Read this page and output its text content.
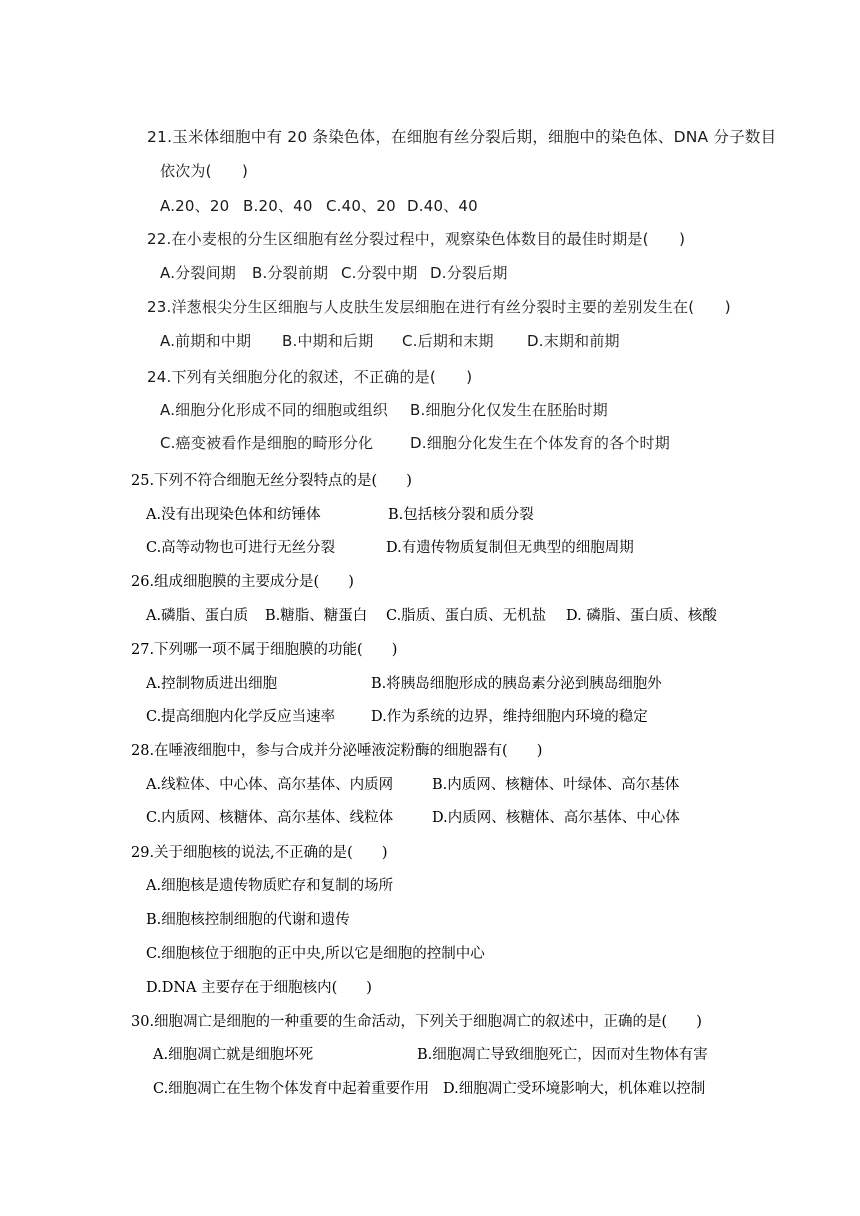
21.玉米体细胞中有 20 条染色体，在细胞有丝分裂后期，细胞中的染色体、DNA 分子数目
依次为(　　)
A.20、20 B.20、40 C.40、20 D.40、40
22.在小麦根的分生区细胞有丝分裂过程中，观察染色体数目的最佳时期是(　　)
A.分裂间期 B.分裂前期 C.分裂中期 D.分裂后期
23.洋葱根尖分生区细胞与人皮肤生发层细胞在进行有丝分裂时主要的差别发生在(　　)
A.前期和中期 B.中期和后期 C.后期和末期 D.末期和前期
24.下列有关细胞分化的叙述，不正确的是(　　)
A.细胞分化形成不同的细胞或组织 B.细胞分化仅发生在胚胎时期
C.癌变被看作是细胞的畸形分化 D.细胞分化发生在个体发育的各个时期
25.下列不符合细胞无丝分裂特点的是(　　)
A.没有出现染色体和纺锤体	B.包括核分裂和质分裂
C.高等动物也可进行无丝分裂	D.有遗传物质复制但无典型的细胞周期
26.组成细胞膜的主要成分是(　　)
A.磷脂、蛋白质 B.糖脂、糖蛋白 C.脂质、蛋白质、无机盐 D. 磷脂、蛋白质、核酸
27.下列哪一项不属于细胞膜的功能(　　)
A.控制物质进出细胞	B.将胰岛细胞形成的胰岛素分泌到胰岛细胞外
C.提高细胞内化学反应当速率 D.作为系统的边界，维持细胞内环境的稳定
28.在唾液细胞中，参与合成并分泌唾液淀粉酶的细胞器有(　　)
A.线粒体、中心体、高尔基体、内质网	B.内质网、核糖体、叶绿体、高尔基体
C.内质网、核糖体、高尔基体、线粒体	D.内质网、核糖体、高尔基体、中心体
29.关于细胞核的说法,不正确的是(　　)
A.细胞核是遗传物质贮存和复制的场所
B.细胞核控制细胞的代谢和遗传
C.细胞核位于细胞的正中央,所以它是细胞的控制中心
D.DNA 主要存在于细胞核内(　　)
30.细胞凋亡是细胞的一种重要的生命活动，下列关于细胞凋亡的叙述中，正确的是(　　)
A.细胞凋亡就是细胞坏死	B.细胞凋亡导致细胞死亡，因而对生物体有害
C.细胞凋亡在生物个体发育中起着重要作用 D.细胞凋亡受环境影响大，机体难以控制
